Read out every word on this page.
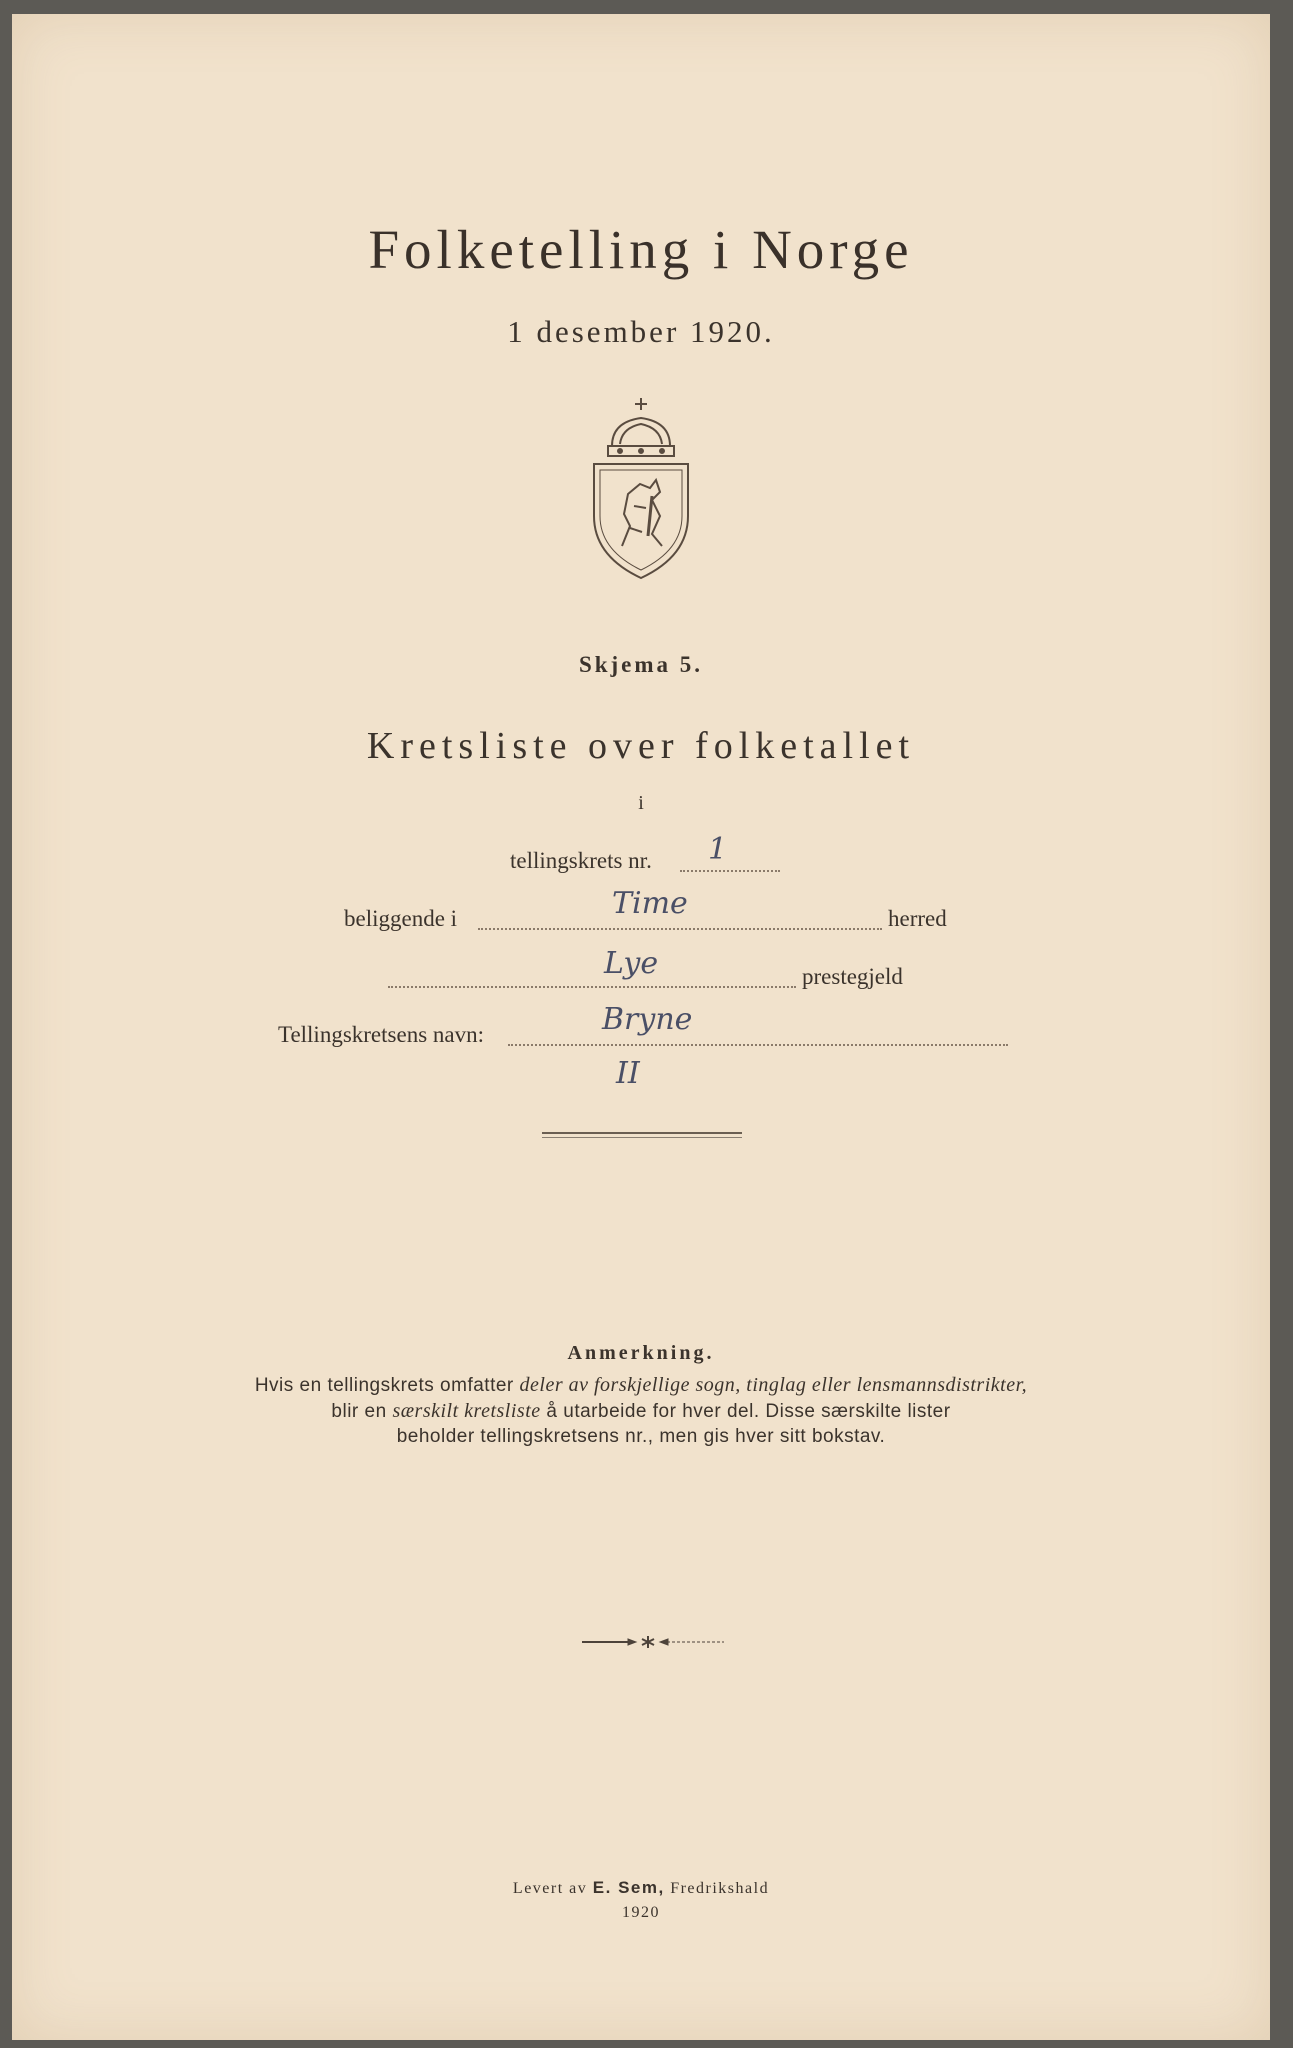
Folketelling i Norge
1 desember 1920.
Skjema 5.
Kretsliste over folketallet
i
tellingskrets nr. 1
beliggende i	Time	herred
Lye	prestegjeld
Tellingskretsens navn:	Bryne
II
Anmerkning.
Hvis en tellingskrets omfatter deler av forskjellige sogn, tinglag eller lensmannsdistrikter,
blir en særskilt kretsliste å utarbeide for hver del. Disse særskilte lister
beholder tellingskretsens nr., men gis hver sitt bokstav.
Levert av E. Sem, Fredrikshald
1920
